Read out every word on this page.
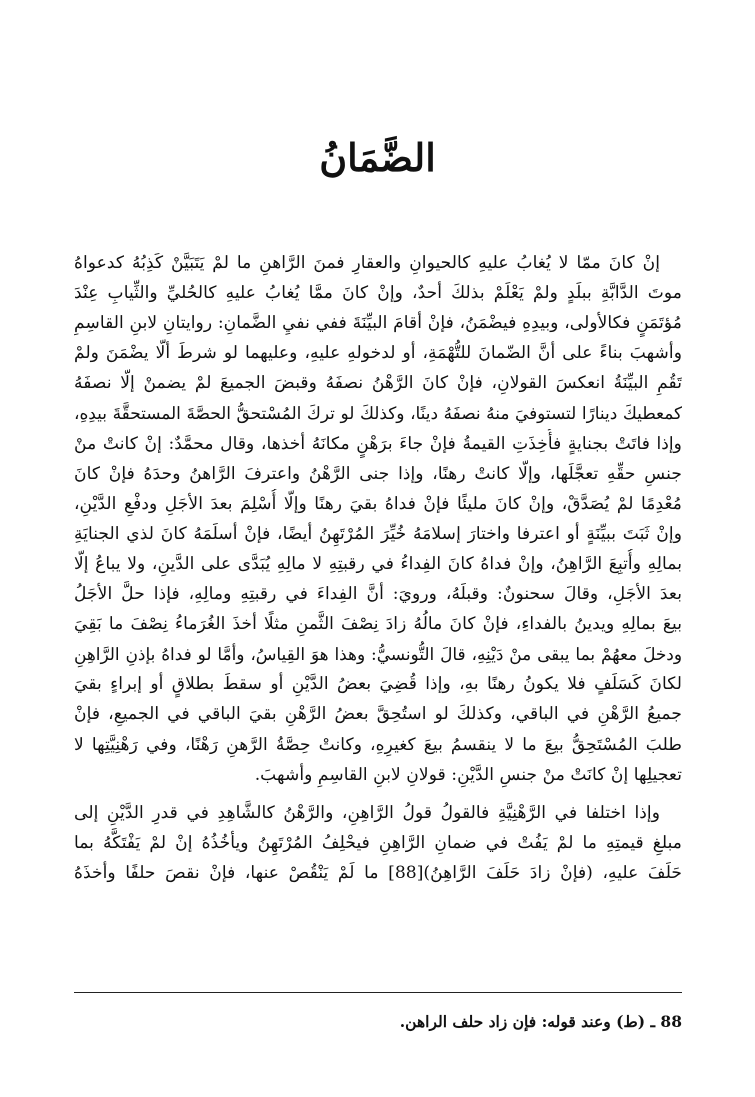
الضَّمَانُ
إنْ كانَ ممّا لا يُغابُ عليهِ كالحيوانِ والعقارِ فمنَ الرَّاهنِ ما لمْ يَتَبَيَّنْ كَذِبُهُ كدعواهُ
موتَ الدَّابَّةِ ببلَدٍ ولمْ يَعْلَمْ بذلكَ أحدٌ، وإنْ كانَ ممَّا يُغابُ عليهِ كالحُليِّ والثِّيابِ عِنْدَ
مُؤتَمَنٍ فكالأولى، وبيدِهِ فيضْمَنُ، فإنْ أقامَ البيِّنَةَ ففي نفيِ الضَّمانِ: روايتانِ لابنِ القاسِمِ
وأشهبَ بناءً على أنَّ الضّمانَ للتُّهْمَةِ، أو لدخولهِ عليهِ، وعليهما لو شرطَ ألّا يضْمَنَ ولمْ
تَقُمِ البيِّنَةُ انعكسَ القولانِ، فإنْ كانَ الرَّهْنُ نصفَهُ وقبضَ الجميعَ لمْ يضمنْ إلّا نصفَهُ
كمعطيكَ دينارًا لتستوفيَ منهُ نصفَهُ دينًا، وكذلكَ لو تركَ المُسْتحقُّ الحصَّةَ المستحقَّةَ بيدِهِ،
وإذا فاتَتْ بجنايةٍ فأُخِذَتِ القيمةُ فإنْ جاءَ برَهْنٍ مكانَهُ أخذها، وقال محمَّدٌ: إنْ كانتْ منْ
جنسِ حقِّهِ تعجَّلَها، وإلّا كانتْ رهنًا، وإذا جنى الرَّهْنُ واعترفَ الرَّاهنُ وحدَهُ فإنْ كانَ
مُعْدِمًا لمْ يُصَدَّقْ، وإنْ كانَ مليئًا فإنْ فداهُ بقيَ رهنًا وإلّا أُسْلِمَ بعدَ الأجَلِ ودفْعِ الدَّيْنِ،
وإنْ ثَبَتَ ببيِّنَةٍ أو اعترفا واختارَ إسلامَهُ خُيِّرَ المُرْتَهِنُ أيضًا، فإنْ أسلَمَهُ كانَ لذي الجنايَةِ
بمالِهِ وأُتبِعَ الرَّاهِنُ، وإنْ فداهُ كانَ الفِداءُ في رقبتِهِ لا مالِهِ يُبَدَّى على الدَّينِ، ولا يباعُ إلّا
بعدَ الأجَلِ، وقالَ سحنونٌ: وقبلَهُ، ورويَ: أنَّ الفِداءَ في رقبتِهِ ومالِهِ، فإذا حلَّ الأجَلُ
بيعَ بمالِهِ ويدينُ بالفداءِ، فإنْ كانَ مالُهُ زادَ نِصْفَ الثَّمنِ مثلًا أخذَ الغُرَماءُ نِصْفَ ما بَقِيَ
ودخلَ معهُمْ بما يبقى منْ دَيْنِهِ، قالَ التُّونسيُّ: وهذا هوَ القِياسُ، وأمَّا لو فداهُ بإذنِ الرَّاهِنِ
لكانَ كَسَلَفٍ فلا يكونُ رهنًا بهِ، وإذا قُضِيَ بعضُ الدَّيْنِ أو سقطَ بطلاقٍ أو إبراءٍ بقيَ
جميعُ الرَّهْنِ في الباقي، وكذلكَ لو استُحِقَّ بعضُ الرَّهْنِ بقيَ الباقي في الجميعِ، فإنْ
طلبَ المُسْتَحِقُّ بيعَ ما لا ينقسمُ بيعَ كغيرِهِ، وكانتْ حِصَّةُ الرَّهنِ رَهْنًا، وفي رَهْنِيَّتِها لا
تعجيلِها إنْ كانَتْ منْ جنسِ الدَّيْنِ: قولانِ لابنِ القاسِمِ وأشهبَ.
وإذا اختلفا في الرَّهْنِيَّةِ فالقولُ قولُ الرَّاهِنِ، والرَّهْنُ كالشَّاهِدِ في قدرِ الدَّيْنِ إلى
مبلغِ قيمتِهِ ما لمْ يَفُتْ في ضمانِ الرَّاهِنِ فيحْلِفُ المُرْتَهِنُ ويأخُذُهُ إنْ لمْ يَفْتَكَّهُ بما
حَلَفَ عليهِ، (فإنْ زادَ حَلَفَ الرَّاهِنُ)[88] ما لَمْ يَنْقُصْ عنها، فإنْ نقصَ حلفًا وأخذَهُ
88 ـ (ط) وعند قوله: فإن زاد حلف الراهن.
